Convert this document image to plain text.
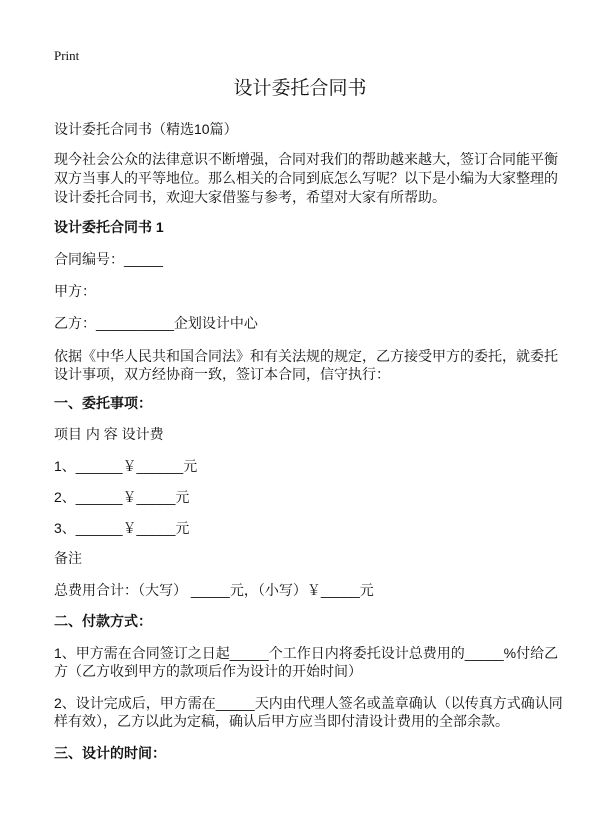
Print
设计委托合同书
设计委托合同书（精选10篇）
现今社会公众的法律意识不断增强，合同对我们的帮助越来越大，签订合同能平衡
双方当事人的平等地位。那么相关的合同到底怎么写呢？以下是小编为大家整理的
设计委托合同书，欢迎大家借鉴与参考，希望对大家有所帮助。
设计委托合同书 1
合同编号：_____
甲方：
乙方：__________企划设计中心
依据《中华人民共和国合同法》和有关法规的规定，乙方接受甲方的委托，就委托
设计事项，双方经协商一致，签订本合同，信守执行：
一、委托事项：
项目 内 容 设计费
1、______￥______元
2、______￥_____元
3、______￥_____元
备注
总费用合计：（大写） _____元，（小写）￥_____元
二、付款方式：
1、甲方需在合同签订之日起_____个工作日内将委托设计总费用的_____%付给乙
方（乙方收到甲方的款项后作为设计的开始时间）
2、设计完成后，甲方需在_____天内由代理人签名或盖章确认（以传真方式确认同
样有效），乙方以此为定稿，确认后甲方应当即付清设计费用的全部余款。
三、设计的时间：
